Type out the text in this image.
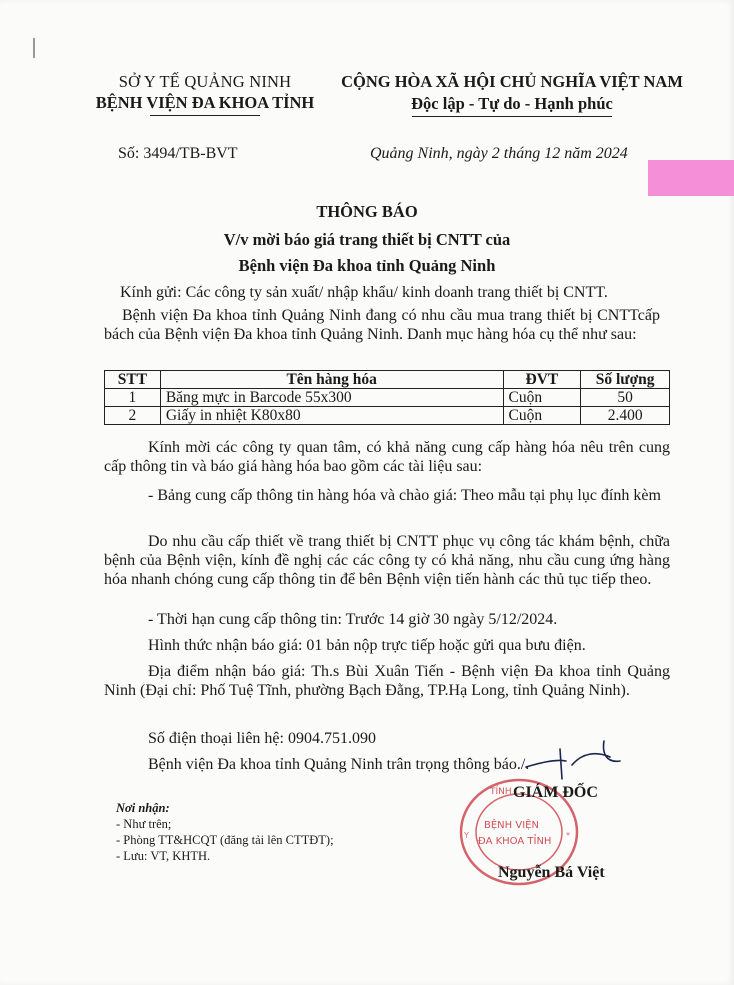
SỞ Y TẾ QUẢNG NINH
BỆNH VIỆN ĐA KHOA TỈNH
CỘNG HÒA XÃ HỘI CHỦ NGHĨA VIỆT NAM
Độc lập - Tự do - Hạnh phúc
Số: 3494/TB-BVT	Quảng Ninh, ngày 2 tháng 12 năm 2024
THÔNG BÁO
V/v mời báo giá trang thiết bị CNTT của
Bệnh viện Đa khoa tỉnh Quảng Ninh
Kính gửi: Các công ty sản xuất/ nhập khẩu/ kinh doanh trang thiết bị CNTT.
Bệnh viện Đa khoa tỉnh Quảng Ninh đang có nhu cầu mua trang thiết bị CNTTcấp bách của Bệnh viện Đa khoa tỉnh Quảng Ninh. Danh mục hàng hóa cụ thể như sau:
STT	Tên hàng hóa	ĐVT	Số lượng
1	Băng mực in Barcode 55x300	Cuộn	50
2	Giấy in nhiệt K80x80	Cuộn	2.400
Kính mời các công ty quan tâm, có khả năng cung cấp hàng hóa nêu trên cung cấp thông tin và báo giá hàng hóa bao gồm các tài liệu sau:
- Bảng cung cấp thông tin hàng hóa và chào giá: Theo mẫu tại phụ lục đính kèm
Do nhu cầu cấp thiết về trang thiết bị CNTT phục vụ công tác khám bệnh, chữa bệnh của Bệnh viện, kính đề nghị các các công ty có khả năng, nhu cầu cung ứng hàng hóa nhanh chóng cung cấp thông tin để bên Bệnh viện tiến hành các thủ tục tiếp theo.
- Thời hạn cung cấp thông tin: Trước 14 giờ 30 ngày 5/12/2024.
Hình thức nhận báo giá: 01 bản nộp trực tiếp hoặc gửi qua bưu điện.
Địa điểm nhận báo giá: Th.s Bùi Xuân Tiến - Bệnh viện Đa khoa tỉnh Quảng Ninh (Đại chỉ: Phố Tuệ Tĩnh, phường Bạch Đằng, TP.Hạ Long, tỉnh Quảng Ninh).
Số điện thoại liên hệ: 0904.751.090
Bệnh viện Đa khoa tỉnh Quảng Ninh trân trọng thông báo./.
Nơi nhận:
- Như trên;
- Phòng TT&HCQT (đăng tải lên CTTĐT);
- Lưu: VT, KHTH.
TỈNH
BỆNH VIỆN
ĐA KHOA TỈNH
Y	*
GIÁM ĐỐC
Nguyễn Bá Việt
